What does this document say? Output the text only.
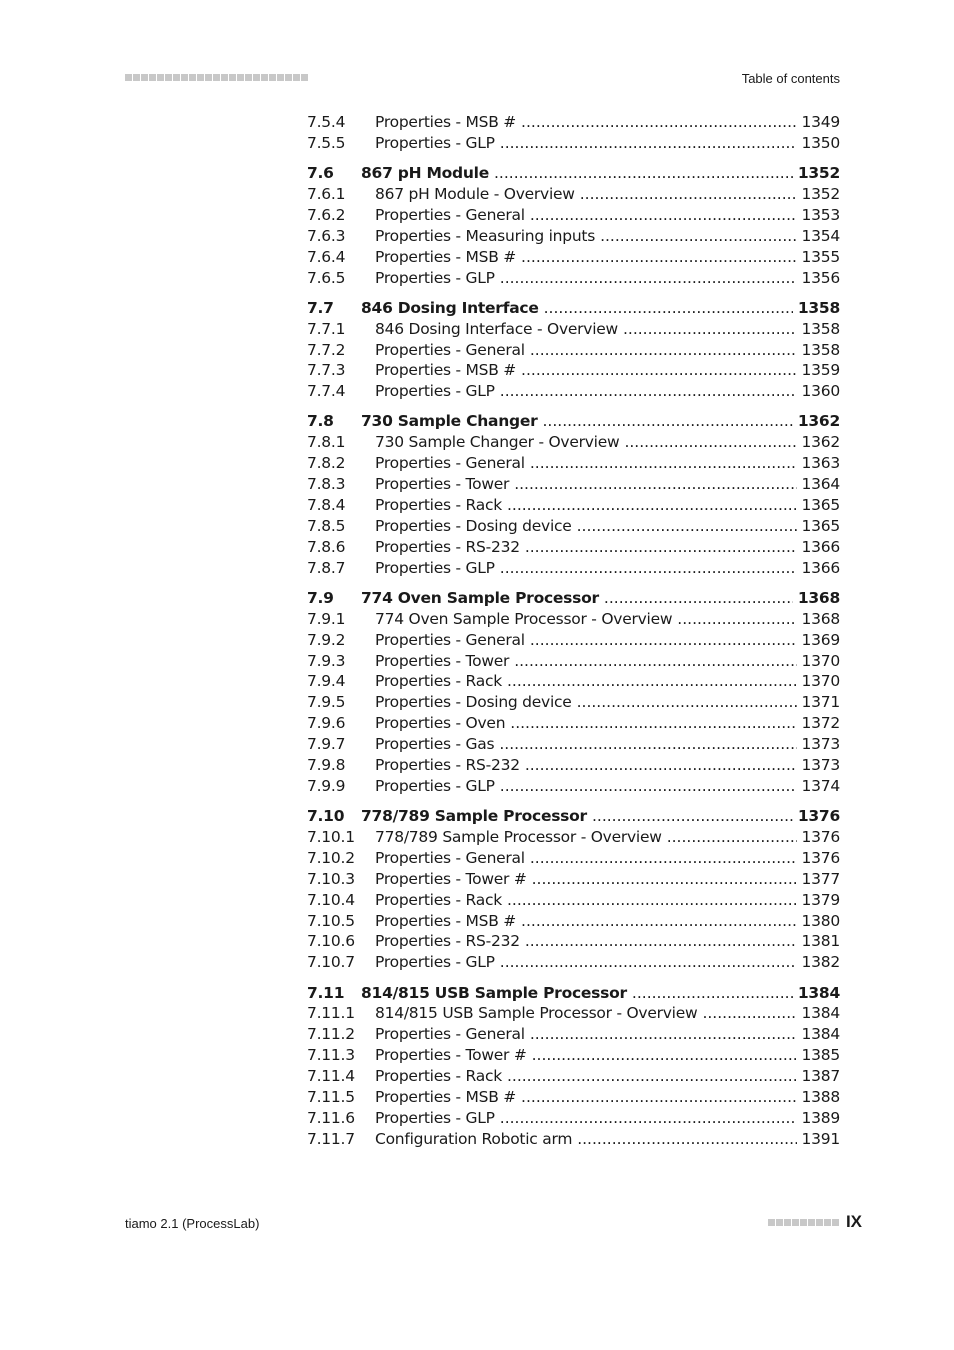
Table of contents
7.5.4	Properties - MSB # .....	1349
7.5.5	Properties - GLP .....	1350
7.6	867 pH Module .....	1352
7.6.1	867 pH Module - Overview .....	1352
7.6.2	Properties - General .....	1353
7.6.3	Properties - Measuring inputs .....	1354
7.6.4	Properties - MSB # .....	1355
7.6.5	Properties - GLP .....	1356
7.7	846 Dosing Interface .....	1358
7.7.1	846 Dosing Interface - Overview .....	1358
7.7.2	Properties - General .....	1358
7.7.3	Properties - MSB # .....	1359
7.7.4	Properties - GLP .....	1360
7.8	730 Sample Changer .....	1362
7.8.1	730 Sample Changer - Overview .....	1362
7.8.2	Properties - General .....	1363
7.8.3	Properties - Tower .....	1364
7.8.4	Properties - Rack .....	1365
7.8.5	Properties - Dosing device .....	1365
7.8.6	Properties - RS-232 .....	1366
7.8.7	Properties - GLP .....	1366
7.9	774 Oven Sample Processor .....	1368
7.9.1	774 Oven Sample Processor - Overview .....	1368
7.9.2	Properties - General .....	1369
7.9.3	Properties - Tower .....	1370
7.9.4	Properties - Rack .....	1370
7.9.5	Properties - Dosing device .....	1371
7.9.6	Properties - Oven .....	1372
7.9.7	Properties - Gas .....	1373
7.9.8	Properties - RS-232 .....	1373
7.9.9	Properties - GLP .....	1374
7.10	778/789 Sample Processor .....	1376
7.10.1	778/789 Sample Processor - Overview .....	1376
7.10.2	Properties - General .....	1376
7.10.3	Properties - Tower # .....	1377
7.10.4	Properties - Rack .....	1379
7.10.5	Properties - MSB # .....	1380
7.10.6	Properties - RS-232 .....	1381
7.10.7	Properties - GLP .....	1382
7.11	814/815 USB Sample Processor .....	1384
7.11.1	814/815 USB Sample Processor - Overview .....	1384
7.11.2	Properties - General .....	1384
7.11.3	Properties - Tower # .....	1385
7.11.4	Properties - Rack .....	1387
7.11.5	Properties - MSB # .....	1388
7.11.6	Properties - GLP .....	1389
7.11.7	Configuration Robotic arm .....	1391
tiamo 2.1 (ProcessLab)	IX
